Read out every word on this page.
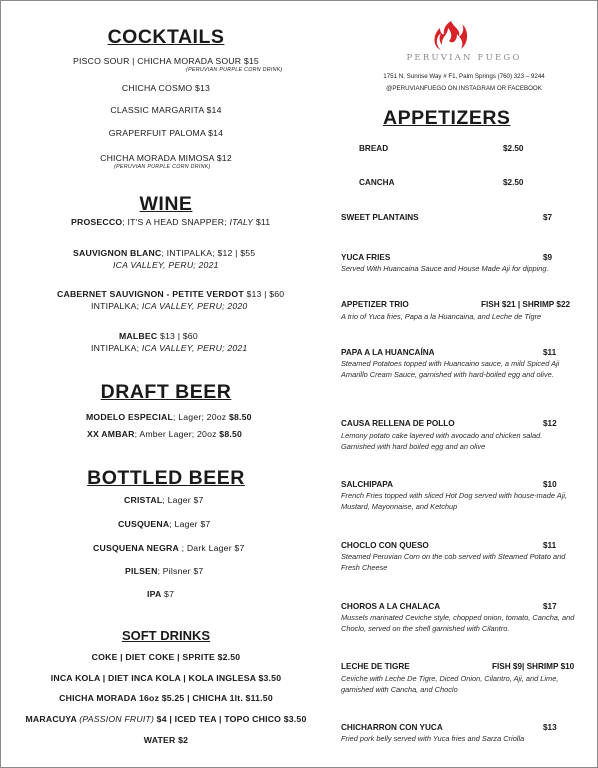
COCKTAILS
PISCO SOUR | CHICHA MORADA SOUR $15
(PERUVIAN PURPLE CORN DRINK)
CHICHA COSMO $13
CLASSIC MARGARITA $14
GRAPERFUIT PALOMA $14
CHICHA MORADA MIMOSA $12
(PERUVIAN PURPLE CORN DRINK)
WINE
PROSECCO; IT'S A HEAD SNAPPER; ITALY $11
SAUVIGNON BLANC; INTIPALKA; $12 | $55
ICA VALLEY, PERU; 2021
CABERNET SAUVIGNON - PETITE VERDOT $13 | $60
INTIPALKA; ICA VALLEY, PERU; 2020
MALBEC $13 | $60
INTIPALKA; ICA VALLEY, PERU; 2021
DRAFT BEER
MODELO ESPECIAL; Lager; 20oz $8.50
XX AMBAR; Amber Lager; 20oz $8.50
BOTTLED BEER
CRISTAL; Lager $7
CUSQUENA; Lager $7
CUSQUENA NEGRA ; Dark Lager $7
PILSEN; Pilsner $7
IPA $7
SOFT DRINKS
COKE | DIET COKE | SPRITE $2.50
INCA KOLA | DIET INCA KOLA | KOLA INGLESA $3.50
CHICHA MORADA 16oz $5.25 | CHICHA 1lt. $11.50
MARACUYA (PASSION FRUIT) $4 | ICED TEA | TOPO CHICO $3.50
WATER $2
PERUVIAN FUEGO
1751 N. Sunrise Way # F1, Palm Springs (760) 323 – 9244
@PERUVIANFUEGO ON INSTAGRAM OR FACEBOOK
APPETIZERS
BREAD	$2.50
CANCHA	$2.50
SWEET PLANTAINS	$7
YUCA FRIES	$9
Served With Huancaina Sauce and House Made Aji for dipping.
APPETIZER TRIO	FISH $21 | SHRIMP $22
A trio of Yuca fries, Papa a la Huancaina, and Leche de Tigre
PAPA A LA HUANCAÍNA	$11
Steamed Potatoes topped with Huancaino sauce, a mild Spiced Aji Amarillo Cream Sauce, garnished with hard-boiled egg and olive.
CAUSA RELLENA DE POLLO	$12
Lemony potato cake layered with avocado and chicken salad. Garnished with hard boiled egg and an olive
SALCHIPAPA	$10
French Fries topped with sliced Hot Dog served with house-made Aji, Mustard, Mayonnaise, and Ketchup
CHOCLO CON QUESO	$11
Steamed Peruvian Corn on the cob served with Steamed Potato and Fresh Cheese
CHOROS A LA CHALACA	$17
Mussels marinated Ceviche style, chopped onion, tomato, Cancha, and Choclo, served on the shell garnished with Cilantro.
LECHE DE TIGRE	FISH $9| SHRIMP $10
Ceviche with Leche De Tigre, Diced Onion, Cilantro, Aji, and Lime, garnished with Cancha, and Choclo
CHICHARRON CON YUCA	$13
Fried pork belly served with Yuca fries and Sarza Criolla
